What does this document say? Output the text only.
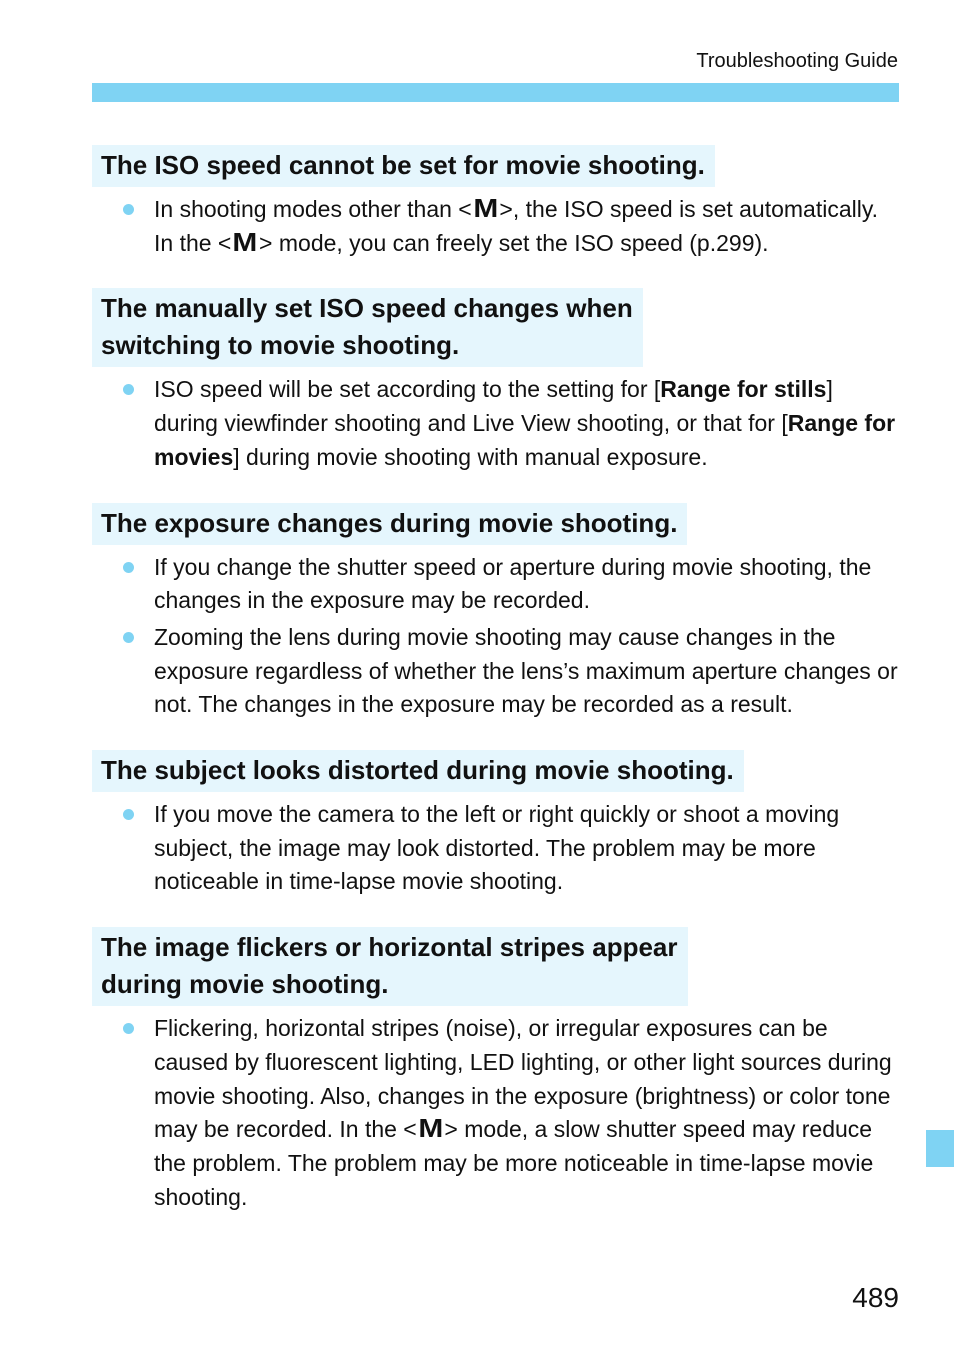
Troubleshooting Guide
The ISO speed cannot be set for movie shooting.
In shooting modes other than <M>, the ISO speed is set automatically. In the <M> mode, you can freely set the ISO speed (p.299).
The manually set ISO speed changes when
switching to movie shooting.
ISO speed will be set according to the setting for [Range for stills] during viewfinder shooting and Live View shooting, or that for [Range for movies] during movie shooting with manual exposure.
The exposure changes during movie shooting.
If you change the shutter speed or aperture during movie shooting, the changes in the exposure may be recorded.
Zooming the lens during movie shooting may cause changes in the exposure regardless of whether the lens’s maximum aperture changes or not. The changes in the exposure may be recorded as a result.
The subject looks distorted during movie shooting.
If you move the camera to the left or right quickly or shoot a moving subject, the image may look distorted. The problem may be more noticeable in time-lapse movie shooting.
The image flickers or horizontal stripes appear
during movie shooting.
Flickering, horizontal stripes (noise), or irregular exposures can be caused by fluorescent lighting, LED lighting, or other light sources during movie shooting. Also, changes in the exposure (brightness) or color tone may be recorded. In the <M> mode, a slow shutter speed may reduce the problem. The problem may be more noticeable in time-lapse movie shooting.
489
